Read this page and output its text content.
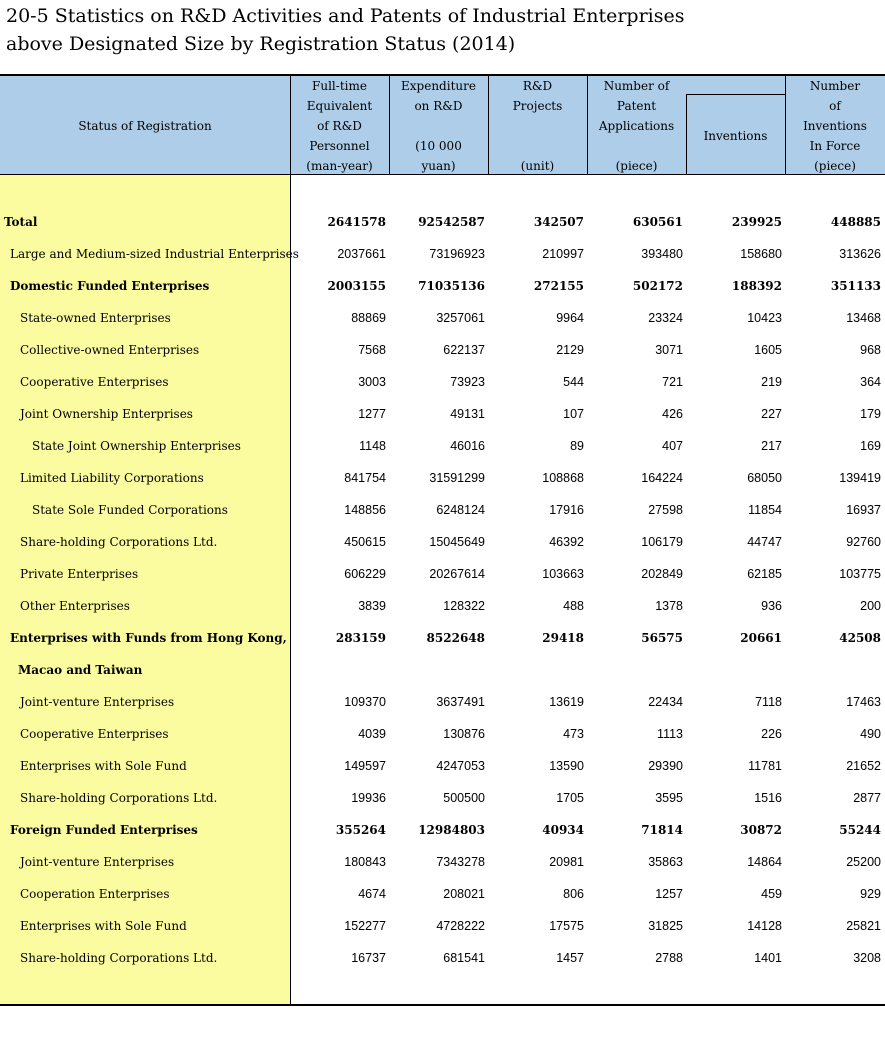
20-5 Statistics on R&D Activities and Patents of Industrial Enterprises
above Designated Size by Registration Status (2014)
Status of Registration
Full-time
Equivalent
of R&D
Personnel
(man-year)
Expenditure
on R&D
(10 000
yuan)
R&D
Projects
(unit)
Number of
Patent
Applications
(piece)
Inventions
Number
of
Inventions
In Force
(piece)
Total	2641578	92542587	342507	630561	239925	448885
Large and Medium-sized Industrial Enterprises	2037661	73196923	210997	393480	158680	313626
Domestic Funded Enterprises	2003155	71035136	272155	502172	188392	351133
State-owned Enterprises	88869	3257061	9964	23324	10423	13468
Collective-owned Enterprises	7568	622137	2129	3071	1605	968
Cooperative Enterprises	3003	73923	544	721	219	364
Joint Ownership Enterprises	1277	49131	107	426	227	179
State Joint Ownership Enterprises	1148	46016	89	407	217	169
Limited Liability Corporations	841754	31591299	108868	164224	68050	139419
State Sole Funded Corporations	148856	6248124	17916	27598	11854	16937
Share-holding Corporations Ltd.	450615	15045649	46392	106179	44747	92760
Private Enterprises	606229	20267614	103663	202849	62185	103775
Other Enterprises	3839	128322	488	1378	936	200
Enterprises with Funds from Hong Kong,	283159	8522648	29418	56575	20661	42508
Macao and Taiwan
Joint-venture Enterprises	109370	3637491	13619	22434	7118	17463
Cooperative Enterprises	4039	130876	473	1113	226	490
Enterprises with Sole Fund	149597	4247053	13590	29390	11781	21652
Share-holding Corporations Ltd.	19936	500500	1705	3595	1516	2877
Foreign Funded Enterprises	355264	12984803	40934	71814	30872	55244
Joint-venture Enterprises	180843	7343278	20981	35863	14864	25200
Cooperation Enterprises	4674	208021	806	1257	459	929
Enterprises with Sole Fund	152277	4728222	17575	31825	14128	25821
Share-holding Corporations Ltd.	16737	681541	1457	2788	1401	3208
